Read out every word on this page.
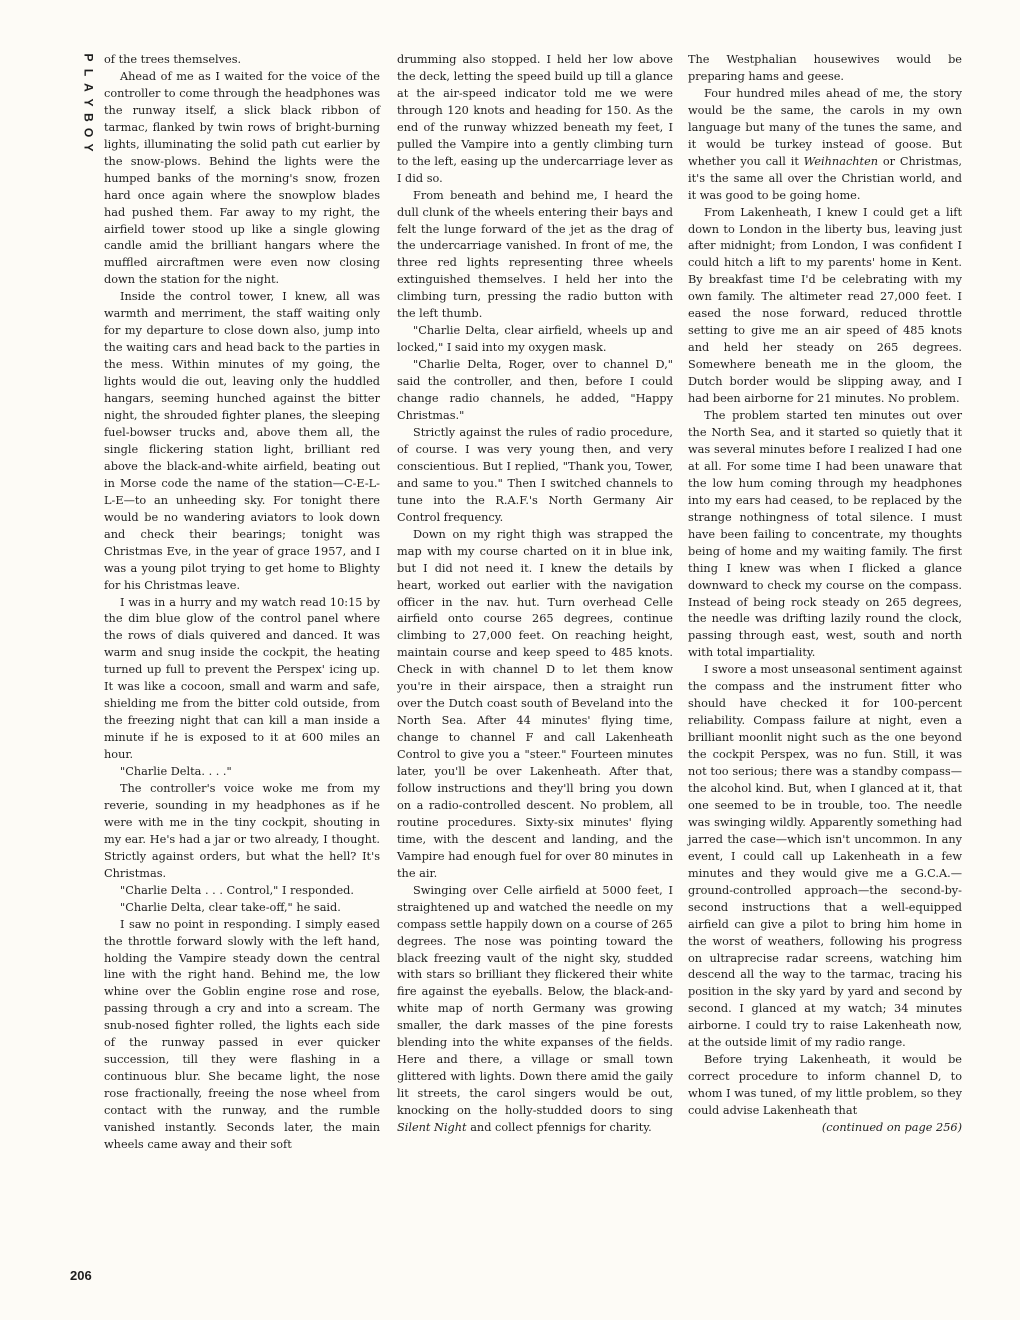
P
L
A
Y
B
O
Y

of the trees themselves.

Ahead of me as I waited for the voice of the controller to come through the headphones was the runway itself, a slick black ribbon of tarmac, flanked by twin rows of bright-burning lights, illuminating the solid path cut earlier by the snow-plows. Behind the lights were the humped banks of the morning's snow, frozen hard once again where the snowplow blades had pushed them. Far away to my right, the airfield tower stood up like a single glowing candle amid the brilliant hangars where the muffled aircraftmen were even now closing down the station for the night.

Inside the control tower, I knew, all was warmth and merriment, the staff waiting only for my departure to close down also, jump into the waiting cars and head back to the parties in the mess. Within minutes of my going, the lights would die out, leaving only the huddled hangars, seeming hunched against the bitter night, the shrouded fighter planes, the sleeping fuel-bowser trucks and, above them all, the single flickering station light, brilliant red above the black-and-white airfield, beating out in Morse code the name of the station—C-E-L-L-E—to an unheeding sky. For tonight there would be no wandering aviators to look down and check their bearings; tonight was Christmas Eve, in the year of grace 1957, and I was a young pilot trying to get home to Blighty for his Christmas leave.

I was in a hurry and my watch read 10:15 by the dim blue glow of the control panel where the rows of dials quivered and danced. It was warm and snug inside the cockpit, the heating turned up full to prevent the Perspex' icing up. It was like a cocoon, small and warm and safe, shielding me from the bitter cold outside, from the freezing night that can kill a man inside a minute if he is exposed to it at 600 miles an hour.

"Charlie Delta. . . ."

The controller's voice woke me from my reverie, sounding in my headphones as if he were with me in the tiny cockpit, shouting in my ear. He's had a jar or two already, I thought. Strictly against orders, but what the hell? It's Christmas.

"Charlie Delta . . . Control," I responded.

"Charlie Delta, clear take-off," he said.

I saw no point in responding. I simply eased the throttle forward slowly with the left hand, holding the Vampire steady down the central line with the right hand. Behind me, the low whine over the Goblin engine rose and rose, passing through a cry and into a scream. The snub-nosed fighter rolled, the lights each side of the runway passed in ever quicker succession, till they were flashing in a continuous blur. She became light, the nose rose fractionally, freeing the nose wheel from contact with the runway, and the rumble vanished instantly. Seconds later, the main wheels came away and their soft

drumming also stopped. I held her low above the deck, letting the speed build up till a glance at the air-speed indicator told me we were through 120 knots and heading for 150. As the end of the runway whizzed beneath my feet, I pulled the Vampire into a gently climbing turn to the left, easing up the undercarriage lever as I did so.

From beneath and behind me, I heard the dull clunk of the wheels entering their bays and felt the lunge forward of the jet as the drag of the undercarriage vanished. In front of me, the three red lights representing three wheels extinguished themselves. I held her into the climbing turn, pressing the radio button with the left thumb.

"Charlie Delta, clear airfield, wheels up and locked," I said into my oxygen mask.

"Charlie Delta, Roger, over to channel D," said the controller, and then, before I could change radio channels, he added, "Happy Christmas."

Strictly against the rules of radio procedure, of course. I was very young then, and very conscientious. But I replied, "Thank you, Tower, and same to you." Then I switched channels to tune into the R.A.F.'s North Germany Air Control frequency.

Down on my right thigh was strapped the map with my course charted on it in blue ink, but I did not need it. I knew the details by heart, worked out earlier with the navigation officer in the nav. hut. Turn overhead Celle airfield onto course 265 degrees, continue climbing to 27,000 feet. On reaching height, maintain course and keep speed to 485 knots. Check in with channel D to let them know you're in their airspace, then a straight run over the Dutch coast south of Beveland into the North Sea. After 44 minutes' flying time, change to channel F and call Lakenheath Control to give you a "steer." Fourteen minutes later, you'll be over Lakenheath. After that, follow instructions and they'll bring you down on a radio-controlled descent. No problem, all routine procedures. Sixty-six minutes' flying time, with the descent and landing, and the Vampire had enough fuel for over 80 minutes in the air.

Swinging over Celle airfield at 5000 feet, I straightened up and watched the needle on my compass settle happily down on a course of 265 degrees. The nose was pointing toward the black freezing vault of the night sky, studded with stars so brilliant they flickered their white fire against the eyeballs. Below, the black-and-white map of north Germany was growing smaller, the dark masses of the pine forests blending into the white expanses of the fields. Here and there, a village or small town glittered with lights. Down there amid the gaily lit streets, the carol singers would be out, knocking on the holly-studded doors to sing Silent Night and collect pfennigs for charity.

The Westphalian housewives would be preparing hams and geese.

Four hundred miles ahead of me, the story would be the same, the carols in my own language but many of the tunes the same, and it would be turkey instead of goose. But whether you call it Weihnachten or Christmas, it's the same all over the Christian world, and it was good to be going home.

From Lakenheath, I knew I could get a lift down to London in the liberty bus, leaving just after midnight; from London, I was confident I could hitch a lift to my parents' home in Kent. By breakfast time I'd be celebrating with my own family. The altimeter read 27,000 feet. I eased the nose forward, reduced throttle setting to give me an air speed of 485 knots and held her steady on 265 degrees. Somewhere beneath me in the gloom, the Dutch border would be slipping away, and I had been airborne for 21 minutes. No problem.

The problem started ten minutes out over the North Sea, and it started so quietly that it was several minutes before I realized I had one at all. For some time I had been unaware that the low hum coming through my headphones into my ears had ceased, to be replaced by the strange nothingness of total silence. I must have been failing to concentrate, my thoughts being of home and my waiting family. The first thing I knew was when I flicked a glance downward to check my course on the compass. Instead of being rock steady on 265 degrees, the needle was drifting lazily round the clock, passing through east, west, south and north with total impartiality.

I swore a most unseasonal sentiment against the compass and the instrument fitter who should have checked it for 100-percent reliability. Compass failure at night, even a brilliant moonlit night such as the one beyond the cockpit Perspex, was no fun. Still, it was not too serious; there was a standby compass—the alcohol kind. But, when I glanced at it, that one seemed to be in trouble, too. The needle was swinging wildly. Apparently something had jarred the case—which isn't uncommon. In any event, I could call up Lakenheath in a few minutes and they would give me a G.C.A.—ground-controlled approach—the second-by-second instructions that a well-equipped airfield can give a pilot to bring him home in the worst of weathers, following his progress on ultraprecise radar screens, watching him descend all the way to the tarmac, tracing his position in the sky yard by yard and second by second. I glanced at my watch; 34 minutes airborne. I could try to raise Lakenheath now, at the outside limit of my radio range.

Before trying Lakenheath, it would be correct procedure to inform channel D, to whom I was tuned, of my little problem, so they could advise Lakenheath that

(continued on page 256)

206
